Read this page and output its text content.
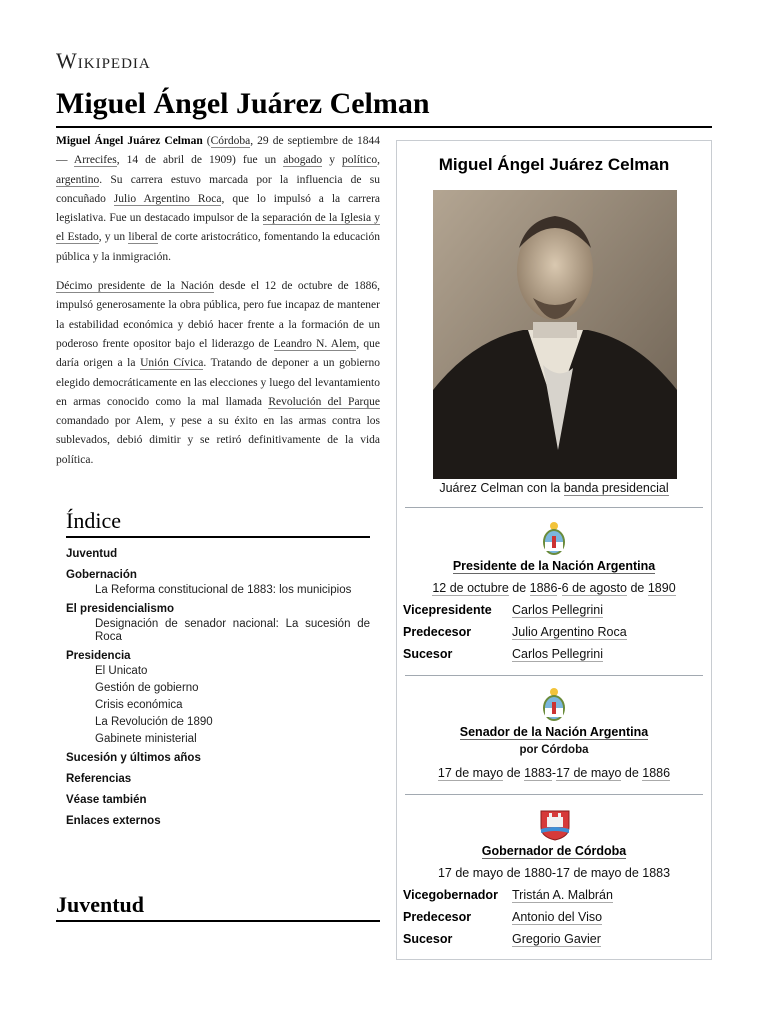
Wikipedia
Miguel Ángel Juárez Celman

Miguel Ángel Juárez Celman (Córdoba, 29 de septiembre de 1844 — Arrecifes, 14 de abril de 1909) fue un abogado y político, argentino. Su carrera estuvo marcada por la influencia de su concuñado Julio Argentino Roca, que lo impulsó a la carrera legislativa. Fue un destacado impulsor de la separación de la Iglesia y el Estado, y un liberal de corte aristocrático, fomentando la educación pública y la inmigración.

Décimo presidente de la Nación desde el 12 de octubre de 1886, impulsó generosamente la obra pública, pero fue incapaz de mantener la estabilidad económica y debió hacer frente a la formación de un poderoso frente opositor bajo el liderazgo de Leandro N. Alem, que daría origen a la Unión Cívica. Tratando de deponer a un gobierno elegido democráticamente en las elecciones y luego del levantamiento en armas conocido como la mal llamada Revolución del Parque comandado por Alem, y pese a su éxito en las armas contra los sublevados, debió dimitir y se retiró definitivamente de la vida política.

Índice
Juventud
Gobernación
La Reforma constitucional de 1883: los municipios
El presidencialismo
Designación de senador nacional: La sucesión de Roca
Presidencia
El Unicato
Gestión de gobierno
Crisis económica
La Revolución de 1890
Gabinete ministerial
Sucesión y últimos años
Referencias
Véase también
Enlaces externos
Juventud
Miguel Ángel Juárez Celman
Juárez Celman con la banda presidencial
Presidente de la Nación Argentina
12 de octubre de 1886-6 de agosto de 1890
Vicepresidente Carlos Pellegrini
Predecesor	Julio Argentino Roca
Sucesor	Carlos Pellegrini
Senador de la Nación Argentina
por Córdoba
17 de mayo de 1883-17 de mayo de 1886
Gobernador de Córdoba
17 de mayo de 1880-17 de mayo de 1883
Vicegobernador Tristán A. Malbrán
Predecesor	Antonio del Viso
Sucesor	Gregorio Gavier
